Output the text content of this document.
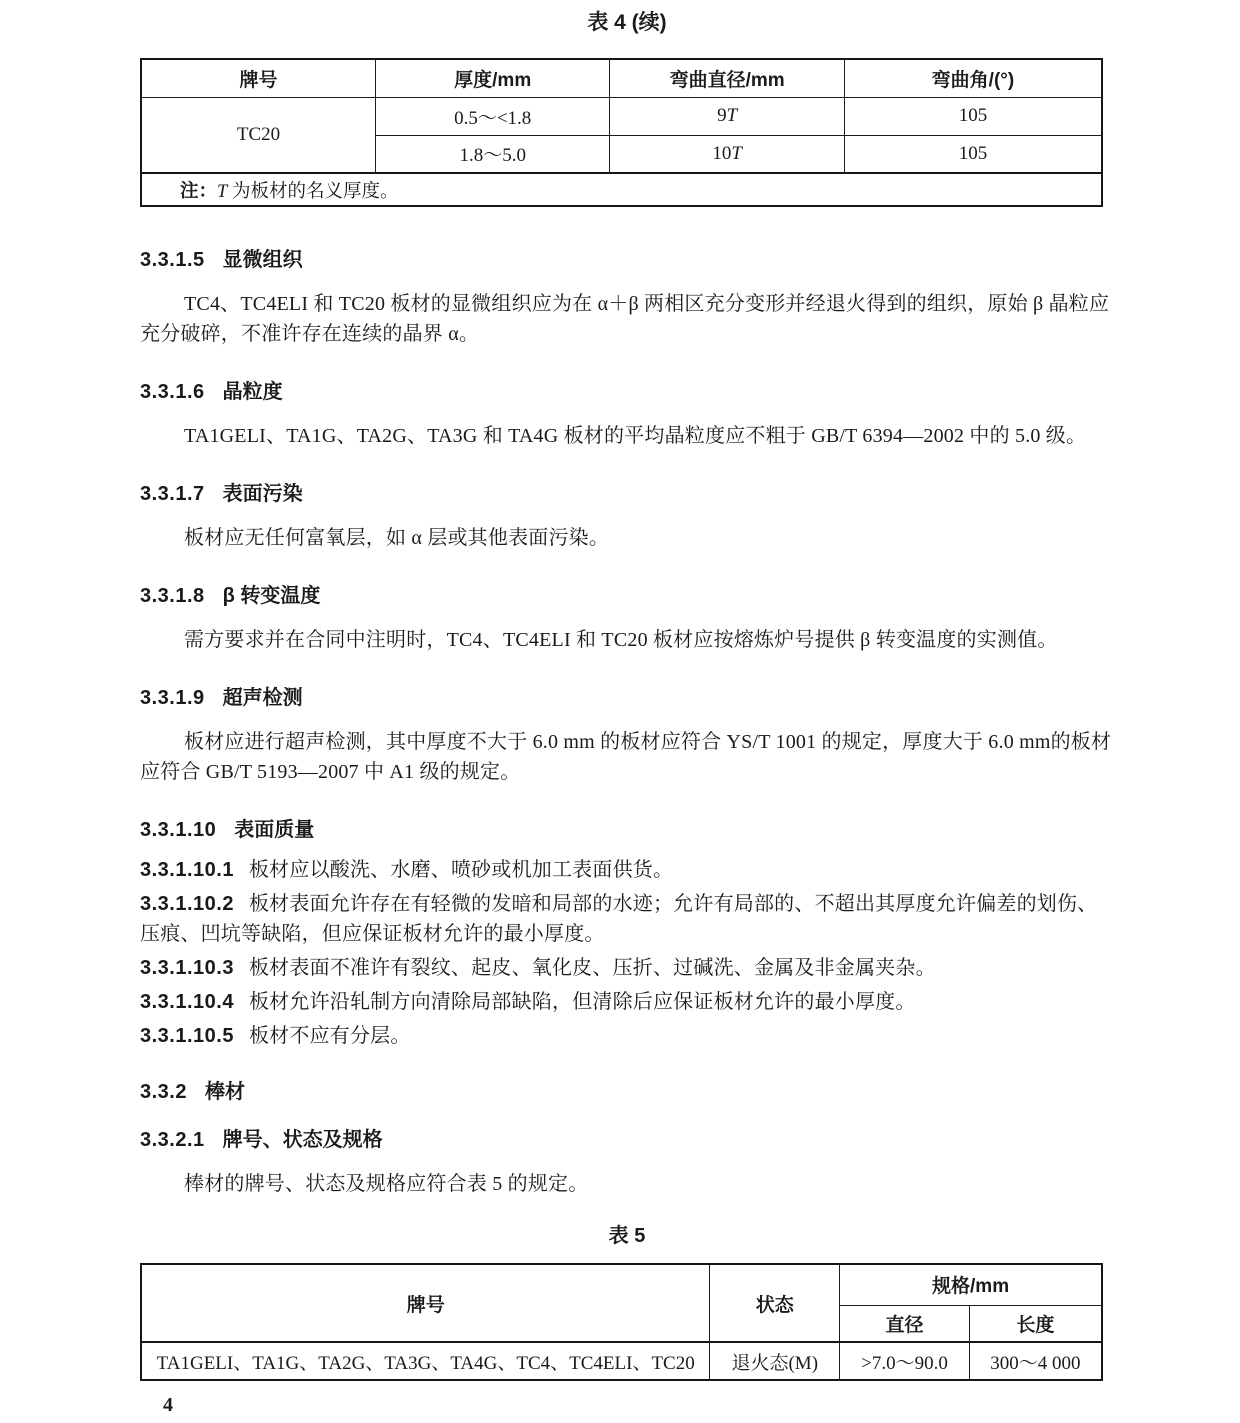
表 4 (续)
牌号	厚度/mm	弯曲直径/mm	弯曲角/(°)
TC20	0.5～<1.8	9T	105
	1.8～5.0	10T	105
注：T 为板材的名义厚度。			
3.3.1.5 显微组织

TC4、TC4ELI 和 TC20 板材的显微组织应为在 α＋β 两相区充分变形并经退火得到的组织，原始 β 晶粒应充分破碎，不准许存在连续的晶界 α。

3.3.1.6 晶粒度

TA1GELI、TA1G、TA2G、TA3G 和 TA4G 板材的平均晶粒度应不粗于 GB/T 6394—2002 中的 5.0 级。

3.3.1.7 表面污染

板材应无任何富氧层，如 α 层或其他表面污染。

3.3.1.8 β 转变温度

需方要求并在合同中注明时，TC4、TC4ELI 和 TC20 板材应按熔炼炉号提供 β 转变温度的实测值。

3.3.1.9 超声检测

板材应进行超声检测，其中厚度不大于 6.0 mm 的板材应符合 YS/T 1001 的规定，厚度大于 6.0 mm的板材应符合 GB/T 5193—2007 中 A1 级的规定。

3.3.1.10 表面质量

3.3.1.10.1 板材应以酸洗、水磨、喷砂或机加工表面供货。

3.3.1.10.2 板材表面允许存在有轻微的发暗和局部的水迹；允许有局部的、不超出其厚度允许偏差的划伤、压痕、凹坑等缺陷，但应保证板材允许的最小厚度。

3.3.1.10.3 板材表面不准许有裂纹、起皮、氧化皮、压折、过碱洗、金属及非金属夹杂。

3.3.1.10.4 板材允许沿轧制方向清除局部缺陷，但清除后应保证板材允许的最小厚度。

3.3.1.10.5 板材不应有分层。

3.3.2 棒材
3.3.2.1 牌号、状态及规格

棒材的牌号、状态及规格应符合表 5 的规定。

表 5
牌号	状态	规格/mm	
		直径	长度
TA1GELI、TA1G、TA2G、TA3G、TA4G、TC4、TC4ELI、TC20	退火态(M)	>7.0～90.0	300～4 000
4
